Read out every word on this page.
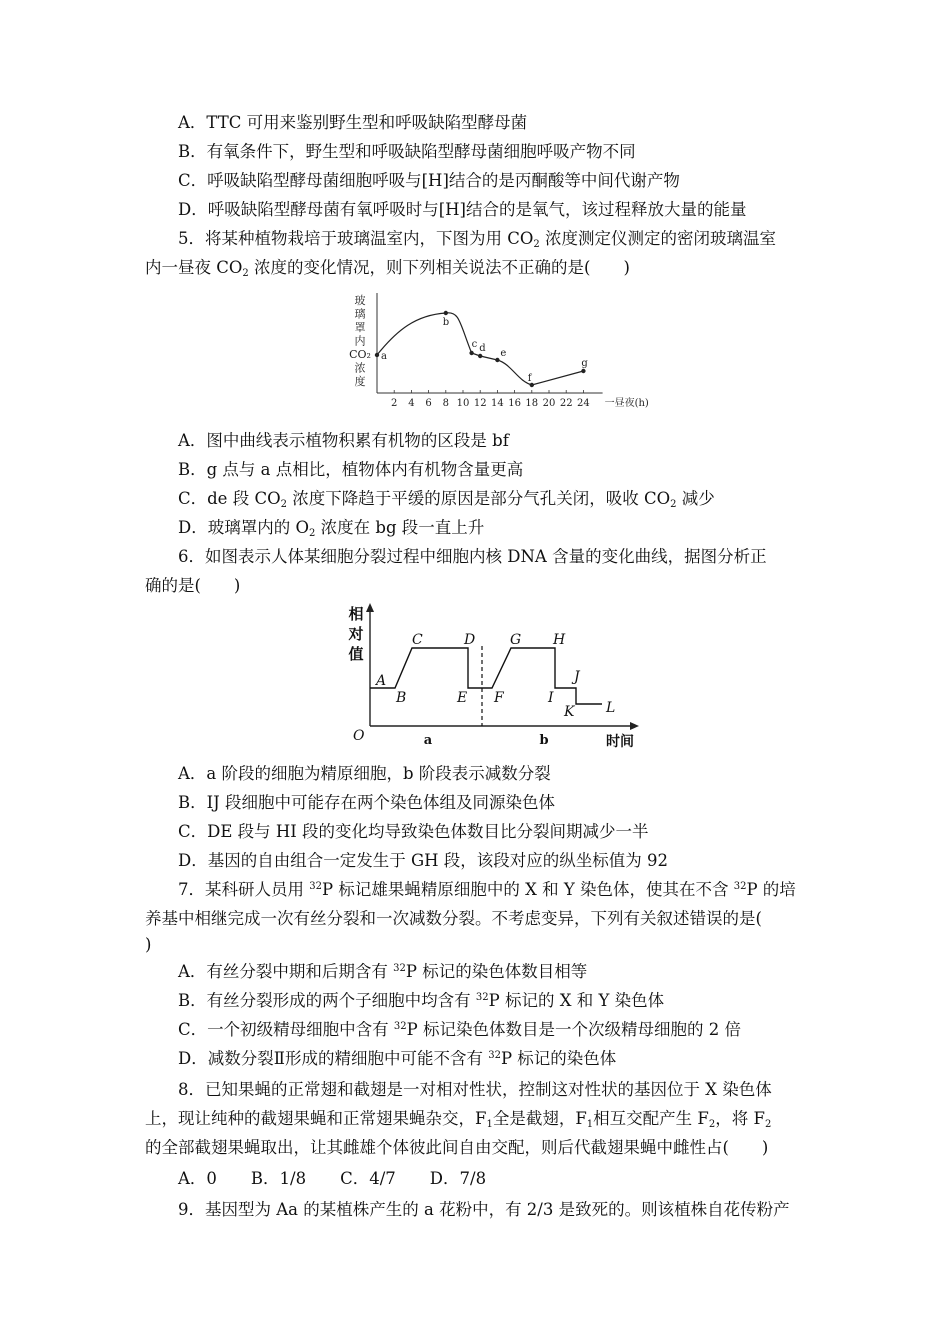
A．TTC 可用来鉴别野生型和呼吸缺陷型酵母菌
B．有氧条件下，野生型和呼吸缺陷型酵母菌细胞呼吸产物不同
C．呼吸缺陷型酵母菌细胞呼吸与[H]结合的是丙酮酸等中间代谢产物
D．呼吸缺陷型酵母菌有氧呼吸时与[H]结合的是氧气，该过程释放大量的能量
5．将某种植物栽培于玻璃温室内，下图为用 $CO_2$ 浓度测定仪测定的密闭玻璃温室
内一昼夜 $CO_2$ 浓度的变化情况，则下列相关说法不正确的是(　　)
玻
璃
罩
内
CO₂
浓
度
2 4 6 8 10 12 14 16 18 20 22 24 一昼夜(h)
a
b
c d e
f
g
A．图中曲线表示植物积累有机物的区段是 bf
B．g 点与 a 点相比，植物体内有机物含量更高
C．de 段 $CO_2$ 浓度下降趋于平缓的原因是部分气孔关闭，吸收 $CO_2$ 减少
D．玻璃罩内的 $O_2$ 浓度在 bg 段一直上升
6．如图表示人体某细胞分裂过程中细胞内核 DNA 含量的变化曲线，据图分析正
确的是(　　)
相
对
值
O	时间
a	b
A
B
C	D
E F
G H
I
J
K L
A．a 阶段的细胞为精原细胞，b 阶段表示减数分裂
B．IJ 段细胞中可能存在两个染色体组及同源染色体
C．DE 段与 HI 段的变化均导致染色体数目比分裂间期减少一半
D．基因的自由组合一定发生于 GH 段，该段对应的纵坐标值为 92
7．某科研人员用 $^{32}$P 标记雄果蝇精原细胞中的 X 和 Y 染色体，使其在不含 $^{32}$P 的培
养基中相继完成一次有丝分裂和一次减数分裂。不考虑变异，下列有关叙述错误的是(
)
A．有丝分裂中期和后期含有 $^{32}$P 标记的染色体数目相等
B．有丝分裂形成的两个子细胞中均含有 $^{32}$P 标记的 X 和 Y 染色体
C．一个初级精母细胞中含有 $^{32}$P 标记染色体数目是一个次级精母细胞的 2 倍
D．减数分裂Ⅱ形成的精细胞中可能不含有 $^{32}$P 标记的染色体
8．已知果蝇的正常翅和截翅是一对相对性状，控制这对性状的基因位于 X 染色体
上，现让纯种的截翅果蝇和正常翅果蝇杂交，$F_1$全是截翅，$F_1$相互交配产生 $F_2$，将 $F_2$
的全部截翅果蝇取出，让其雌雄个体彼此间自由交配，则后代截翅果蝇中雌性占(　　)
A．0 B．1/8 C．4/7 D．7/8
9．基因型为 Aa 的某植株产生的 a 花粉中，有 2/3 是致死的。则该植株自花传粉产
